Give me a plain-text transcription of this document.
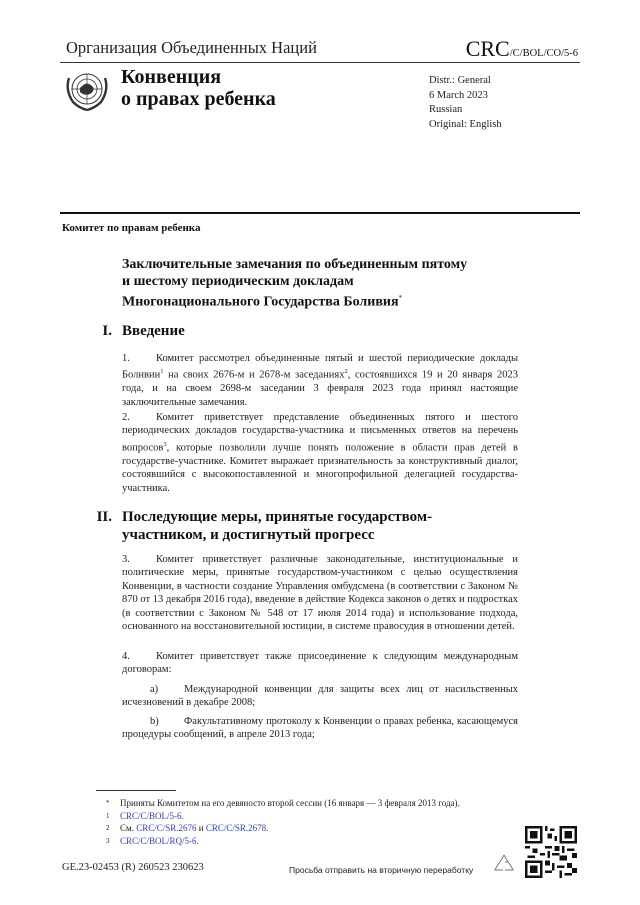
Организация Объединенных Наций	CRC/C/BOL/CO/5-6
Конвенция
о правах ребенка
Distr.: General
6 March 2023
Russian
Original: English
Комитет по правам ребенка
Заключительные замечания по объединенным пятому
и шестому периодическим докладам
Многонационального Государства Боливия*
I. Введение
1. Комитет рассмотрел объединенные пятый и шестой периодические доклады Боливии$^1$ на своих 2676-м и 2678-м заседаниях$^2$, состоявшихся 19 и 20 января 2023 года, и на своем 2698-м заседании 3 февраля 2023 года принял настоящие заключительные замечания.
2. Комитет приветствует представление объединенных пятого и шестого периодических докладов государства-участника и письменных ответов на перечень вопросов$^3$, которые позволили лучше понять положение в области прав детей в государстве-участнике. Комитет выражает признательность за конструктивный диалог, состоявшийся с высокопоставленной и многопрофильной делегацией государства-участника.
II. Последующие меры, принятые государством-
участником, и достигнутый прогресс
3. Комитет приветствует различные законодательные, институциональные и политические меры, принятые государством-участником с целью осуществления Конвенции, в частности создание Управления омбудсмена (в соответствии с Законом № 870 от 13 декабря 2016 года), введение в действие Кодекса законов о детях и подростках (в соответствии с Законом № 548 от 17 июля 2014 года) и использование подхода, основанного на восстановительной юстиции, в системе правосудия в отношении детей.
4. Комитет приветствует также присоединение к следующим международным договорам:
a) Международной конвенции для защиты всех лиц от насильственных исчезновений в декабре 2008;
b) Факультативному протоколу к Конвенции о правах ребенка, касающемуся процедуры сообщений, в апреле 2013 года;
* Приняты Комитетом на его девяносто второй сессии (16 января — 3 февраля 2013 года).
1 CRC/C/BOL/5-6.
2 См. CRC/C/SR.2676 и CRC/C/SR.2678.
3 CRC/C/BOL/RQ/5-6.
GE.23-02453 (R) 260523 230623	Просьба отправить на вторичную переработку
